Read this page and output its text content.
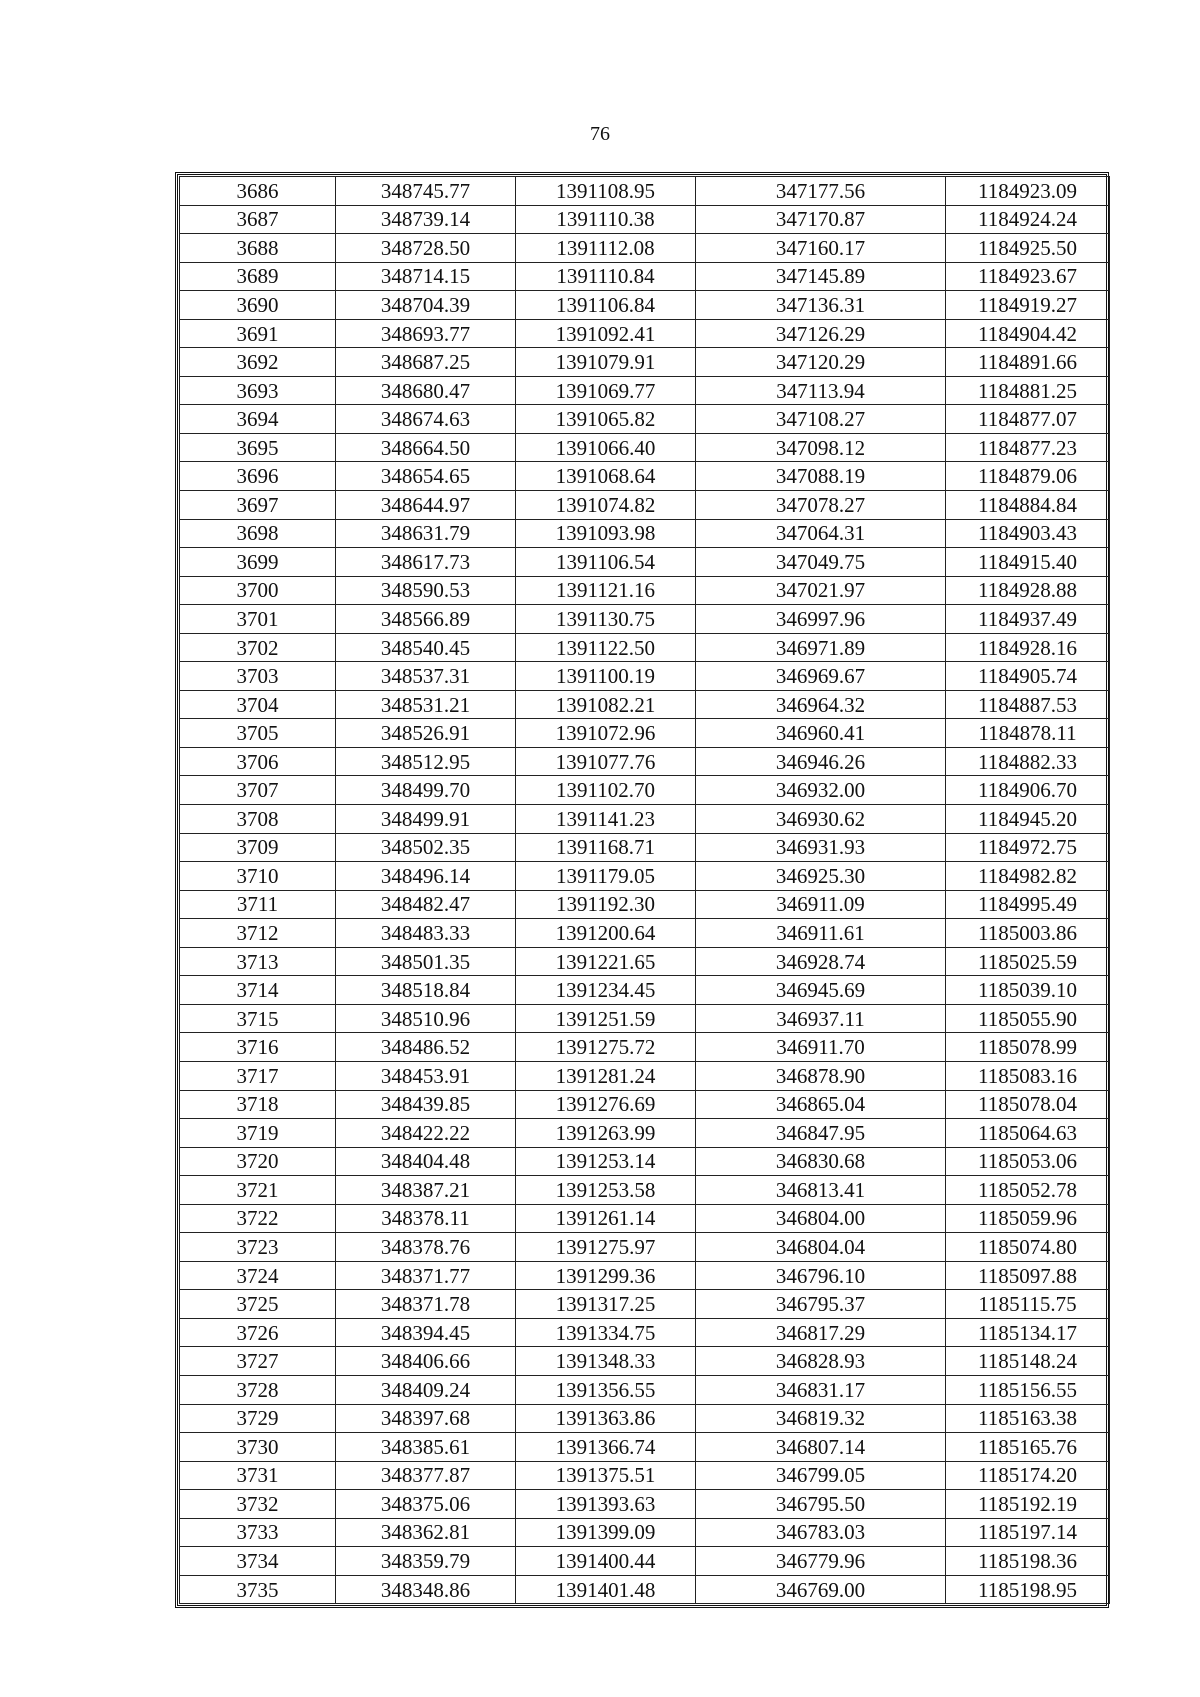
76
3686	348745.77	1391108.95	347177.56	1184923.09
3687	348739.14	1391110.38	347170.87	1184924.24
3688	348728.50	1391112.08	347160.17	1184925.50
3689	348714.15	1391110.84	347145.89	1184923.67
3690	348704.39	1391106.84	347136.31	1184919.27
3691	348693.77	1391092.41	347126.29	1184904.42
3692	348687.25	1391079.91	347120.29	1184891.66
3693	348680.47	1391069.77	347113.94	1184881.25
3694	348674.63	1391065.82	347108.27	1184877.07
3695	348664.50	1391066.40	347098.12	1184877.23
3696	348654.65	1391068.64	347088.19	1184879.06
3697	348644.97	1391074.82	347078.27	1184884.84
3698	348631.79	1391093.98	347064.31	1184903.43
3699	348617.73	1391106.54	347049.75	1184915.40
3700	348590.53	1391121.16	347021.97	1184928.88
3701	348566.89	1391130.75	346997.96	1184937.49
3702	348540.45	1391122.50	346971.89	1184928.16
3703	348537.31	1391100.19	346969.67	1184905.74
3704	348531.21	1391082.21	346964.32	1184887.53
3705	348526.91	1391072.96	346960.41	1184878.11
3706	348512.95	1391077.76	346946.26	1184882.33
3707	348499.70	1391102.70	346932.00	1184906.70
3708	348499.91	1391141.23	346930.62	1184945.20
3709	348502.35	1391168.71	346931.93	1184972.75
3710	348496.14	1391179.05	346925.30	1184982.82
3711	348482.47	1391192.30	346911.09	1184995.49
3712	348483.33	1391200.64	346911.61	1185003.86
3713	348501.35	1391221.65	346928.74	1185025.59
3714	348518.84	1391234.45	346945.69	1185039.10
3715	348510.96	1391251.59	346937.11	1185055.90
3716	348486.52	1391275.72	346911.70	1185078.99
3717	348453.91	1391281.24	346878.90	1185083.16
3718	348439.85	1391276.69	346865.04	1185078.04
3719	348422.22	1391263.99	346847.95	1185064.63
3720	348404.48	1391253.14	346830.68	1185053.06
3721	348387.21	1391253.58	346813.41	1185052.78
3722	348378.11	1391261.14	346804.00	1185059.96
3723	348378.76	1391275.97	346804.04	1185074.80
3724	348371.77	1391299.36	346796.10	1185097.88
3725	348371.78	1391317.25	346795.37	1185115.75
3726	348394.45	1391334.75	346817.29	1185134.17
3727	348406.66	1391348.33	346828.93	1185148.24
3728	348409.24	1391356.55	346831.17	1185156.55
3729	348397.68	1391363.86	346819.32	1185163.38
3730	348385.61	1391366.74	346807.14	1185165.76
3731	348377.87	1391375.51	346799.05	1185174.20
3732	348375.06	1391393.63	346795.50	1185192.19
3733	348362.81	1391399.09	346783.03	1185197.14
3734	348359.79	1391400.44	346779.96	1185198.36
3735	348348.86	1391401.48	346769.00	1185198.95
